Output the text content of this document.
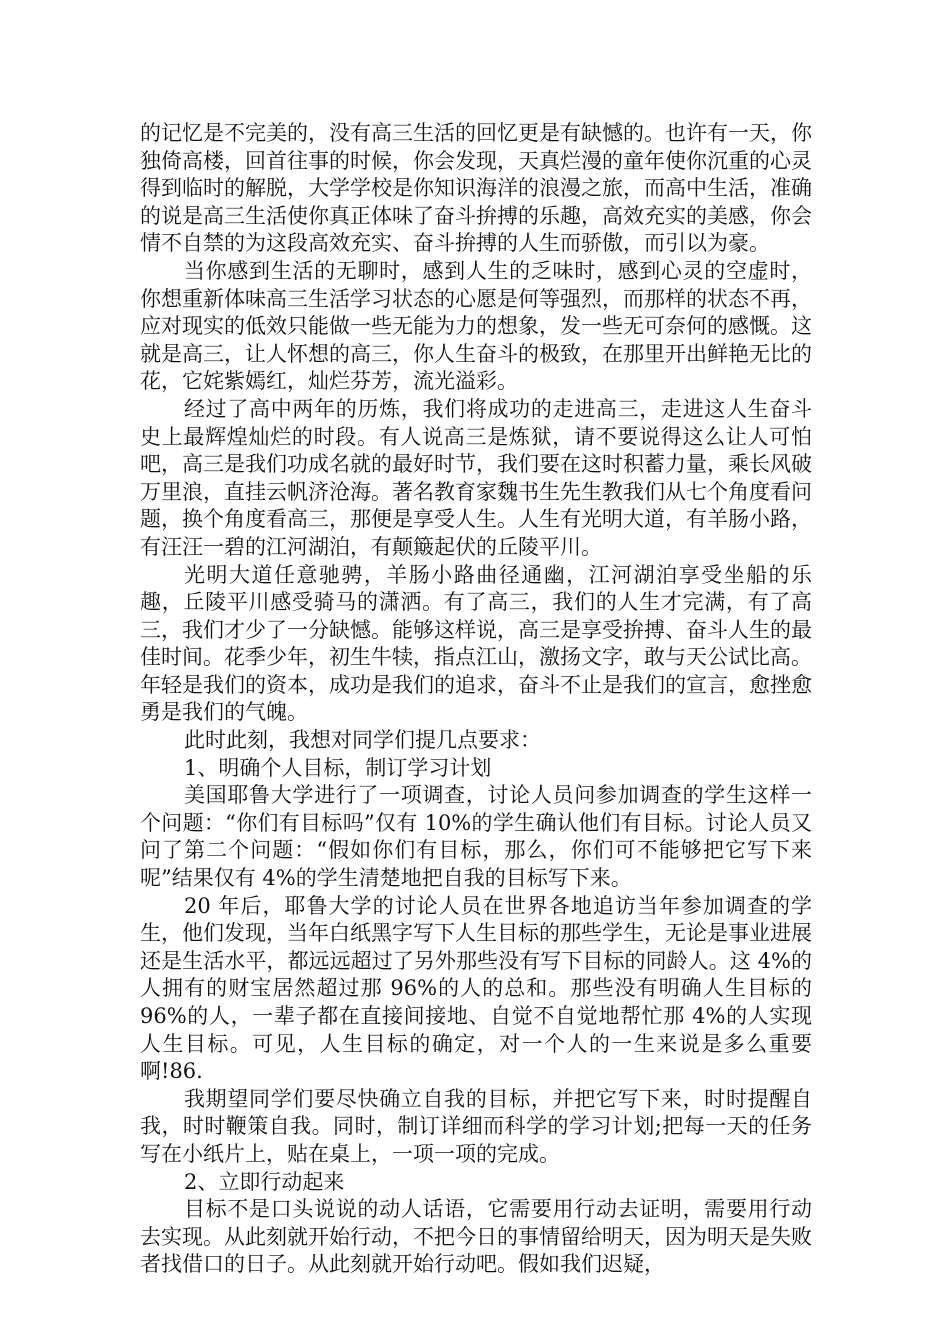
的记忆是不完美的，没有高三生活的回忆更是有缺憾的。也许有一天，你独倚高楼，回首往事的时候，你会发现，天真烂漫的童年使你沉重的心灵得到临时的解脱，大学学校是你知识海洋的浪漫之旅，而高中生活，准确的说是高三生活使你真正体味了奋斗拚搏的乐趣，高效充实的美感，你会情不自禁的为这段高效充实、奋斗拚搏的人生而骄傲，而引以为豪。

当你感到生活的无聊时，感到人生的乏味时，感到心灵的空虚时，你想重新体味高三生活学习状态的心愿是何等强烈，而那样的状态不再，应对现实的低效只能做一些无能为力的想象，发一些无可奈何的感慨。这就是高三，让人怀想的高三，你人生奋斗的极致，在那里开出鲜艳无比的花，它姹紫嫣红，灿烂芬芳，流光溢彩。

经过了高中两年的历炼，我们将成功的走进高三，走进这人生奋斗史上最辉煌灿烂的时段。有人说高三是炼狱，请不要说得这么让人可怕吧，高三是我们功成名就的最好时节，我们要在这时积蓄力量，乘长风破万里浪，直挂云帆济沧海。著名教育家魏书生先生教我们从七个角度看问题，换个角度看高三，那便是享受人生。人生有光明大道，有羊肠小路，有汪汪一碧的江河湖泊，有颠簸起伏的丘陵平川。

光明大道任意驰骋，羊肠小路曲径通幽，江河湖泊享受坐船的乐趣，丘陵平川感受骑马的潇洒。有了高三，我们的人生才完满，有了高三，我们才少了一分缺憾。能够这样说，高三是享受拚搏、奋斗人生的最佳时间。花季少年，初生牛犊，指点江山，激扬文字，敢与天公试比高。年轻是我们的资本，成功是我们的追求，奋斗不止是我们的宣言，愈挫愈勇是我们的气魄。

此时此刻，我想对同学们提几点要求：

1、明确个人目标，制订学习计划

美国耶鲁大学进行了一项调查，讨论人员问参加调查的学生这样一个问题：“你们有目标吗”仅有 10%的学生确认他们有目标。讨论人员又问了第二个问题：“假如你们有目标，那么，你们可不能够把它写下来呢”结果仅有 4%的学生清楚地把自我的目标写下来。

20 年后，耶鲁大学的讨论人员在世界各地追访当年参加调查的学生，他们发现，当年白纸黑字写下人生目标的那些学生，无论是事业进展还是生活水平，都远远超过了另外那些没有写下目标的同龄人。这 4%的人拥有的财宝居然超过那 96%的人的总和。那些没有明确人生目标的 96%的人，一辈子都在直接间接地、自觉不自觉地帮忙那 4%的人实现人生目标。可见，人生目标的确定，对一个人的一生来说是多么重要啊!86.

我期望同学们要尽快确立自我的目标，并把它写下来，时时提醒自我，时时鞭策自我。同时，制订详细而科学的学习计划;把每一天的任务写在小纸片上，贴在桌上，一项一项的完成。

2、立即行动起来

目标不是口头说说的动人话语，它需要用行动去证明，需要用行动去实现。从此刻就开始行动，不把今日的事情留给明天，因为明天是失败者找借口的日子。从此刻就开始行动吧。假如我们迟疑，
